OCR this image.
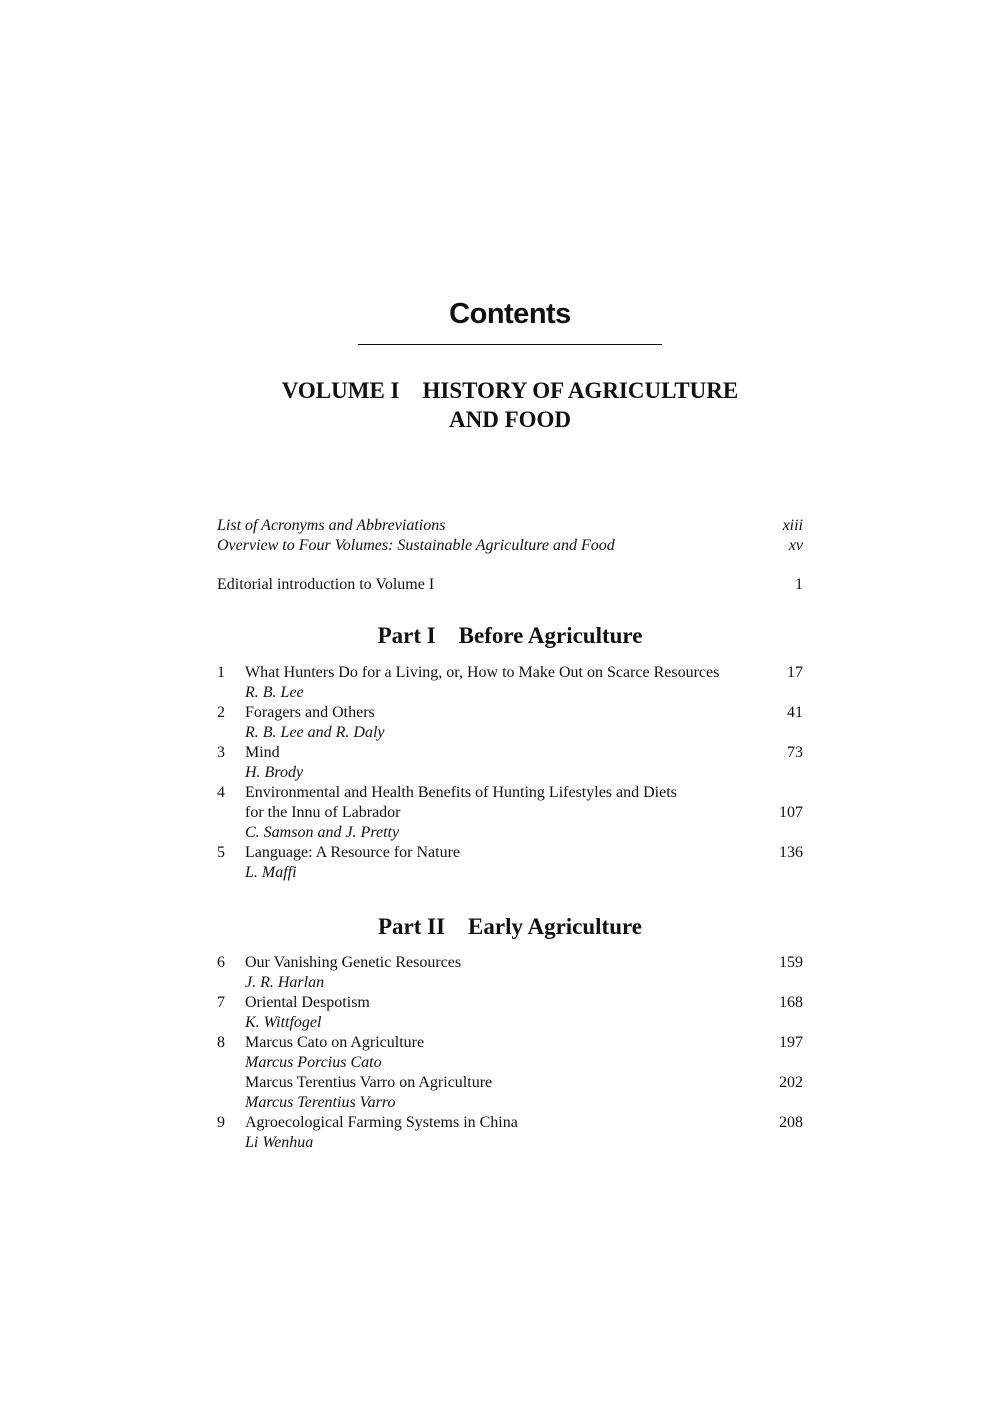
Contents
VOLUME I    HISTORY OF AGRICULTURE
AND FOOD
List of Acronyms and Abbreviations	xiii
Overview to Four Volumes: Sustainable Agriculture and Food	xv
Editorial introduction to Volume I	1
Part I    Before Agriculture
1	What Hunters Do for a Living, or, How to Make Out on Scarce Resources	17
R. B. Lee
2	Foragers and Others	41
R. B. Lee and R. Daly
3	Mind	73
H. Brody
4	Environmental and Health Benefits of Hunting Lifestyles and Diets
for the Innu of Labrador	107
C. Samson and J. Pretty
5	Language: A Resource for Nature	136
L. Maffi
Part II    Early Agriculture
6	Our Vanishing Genetic Resources	159
J. R. Harlan
7	Oriental Despotism	168
K. Wittfogel
8	Marcus Cato on Agriculture	197
Marcus Porcius Cato
Marcus Terentius Varro on Agriculture	202
Marcus Terentius Varro
9	Agroecological Farming Systems in China	208
Li Wenhua
